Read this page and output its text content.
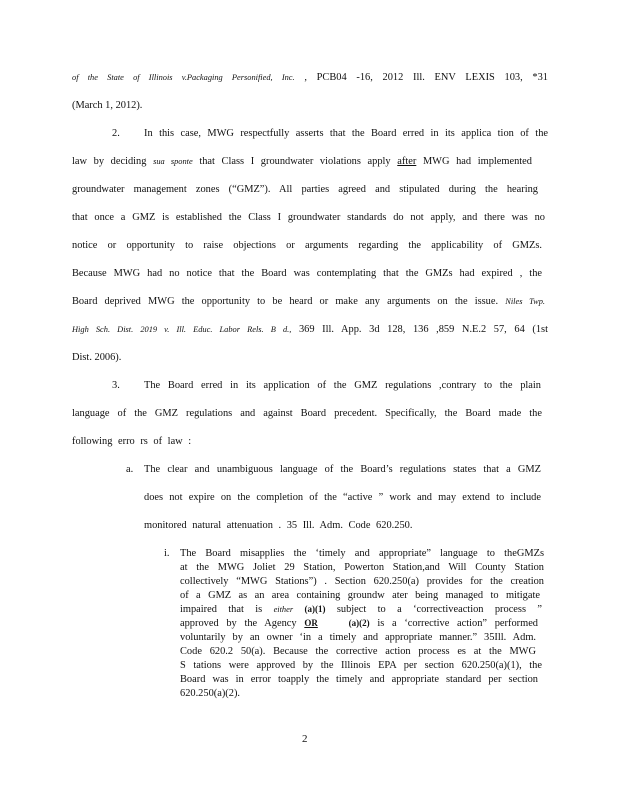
of the State of Illinois v.Packaging Personified, Inc. , PCB04 -16, 2012 Ill. ENV LEXIS 103, *31
(March 1, 2012).
2. In this case, MWG respectfully asserts that the Board erred in its applica tion of the
law by deciding sua sponte that Class I groundwater violations apply after MWG had implemented
groundwater management zones (“GMZ”). All parties agreed and stipulated during the hearing
that once a GMZ is established the Class I groundwater standards do not apply, and there was no
notice or opportunity to raise objections or arguments regarding the applicability of GMZs.
Because MWG had no notice that the Board was contemplating that the GMZs had expired , the
Board deprived MWG the opportunity to be heard or make any arguments on the issue. Niles Twp.
High Sch. Dist. 2019 v. Ill. Educ. Labor Rels. B d., 369 Ill. App. 3d 128, 136 ,859 N.E.2 57, 64 (1st
Dist. 2006).
3. The Board erred in its application of the GMZ regulations ,contrary to the plain
language of the GMZ regulations and against Board precedent. Specifically, the Board made the
following erro rs of law :
a. The clear and unambiguous language of the Board’s regulations states that a GMZ
does not expire on the completion of the “active ” work and may extend to include
monitored natural attenuation . 35 Ill. Adm. Code 620.250.
i. The Board misapplies the ‘timely and appropriate” language to theGMZs
at the MWG Joliet 29 Station, Powerton Station,and Will County Station
collectively “MWG Stations”) . Section 620.250(a) provides for the creation
of a GMZ as an area containing groundw ater being managed to mitigate
impaired that is either (a)(1) subject to a ‘correctiveaction process ”
approved by the Agency OR	(a)(2) is a ‘corrective action” performed
voluntarily by an owner ‘in a timely and appropriate manner.” 35Ill. Adm.
Code 620.2 50(a). Because the corrective action process es at the MWG
S tations were approved by the Illinois EPA per section 620.250(a)(1), the
Board was in error toapply the timely and appropriate standard per section
620.250(a)(2).
2
